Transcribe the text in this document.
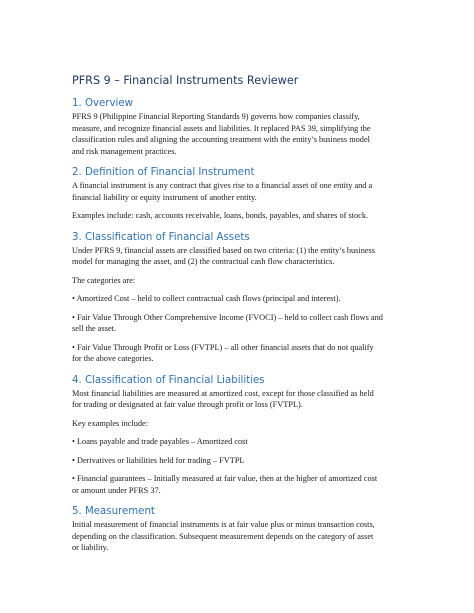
PFRS 9 – Financial Instruments Reviewer
1. Overview

PFRS 9 (Philippine Financial Reporting Standards 9) governs how companies classify,
measure, and recognize financial assets and liabilities. It replaced PAS 39, simplifying the
classification rules and aligning the accounting treatment with the entity’s business model
and risk management practices.

2. Definition of Financial Instrument

A financial instrument is any contract that gives rise to a financial asset of one entity and a
financial liability or equity instrument of another entity.

Examples include: cash, accounts receivable, loans, bonds, payables, and shares of stock.

3. Classification of Financial Assets

Under PFRS 9, financial assets are classified based on two criteria: (1) the entity’s business
model for managing the asset, and (2) the contractual cash flow characteristics.

The categories are:

• Amortized Cost – held to collect contractual cash flows (principal and interest).

• Fair Value Through Other Comprehensive Income (FVOCI) – held to collect cash flows and
sell the asset.

• Fair Value Through Profit or Loss (FVTPL) – all other financial assets that do not qualify
for the above categories.

4. Classification of Financial Liabilities

Most financial liabilities are measured at amortized cost, except for those classified as held
for trading or designated at fair value through profit or loss (FVTPL).

Key examples include:

• Loans payable and trade payables – Amortized cost

• Derivatives or liabilities held for trading – FVTPL

• Financial guarantees – Initially measured at fair value, then at the higher of amortized cost
or amount under PFRS 37.

5. Measurement

Initial measurement of financial instruments is at fair value plus or minus transaction costs,
depending on the classification. Subsequent measurement depends on the category of asset
or liability.
